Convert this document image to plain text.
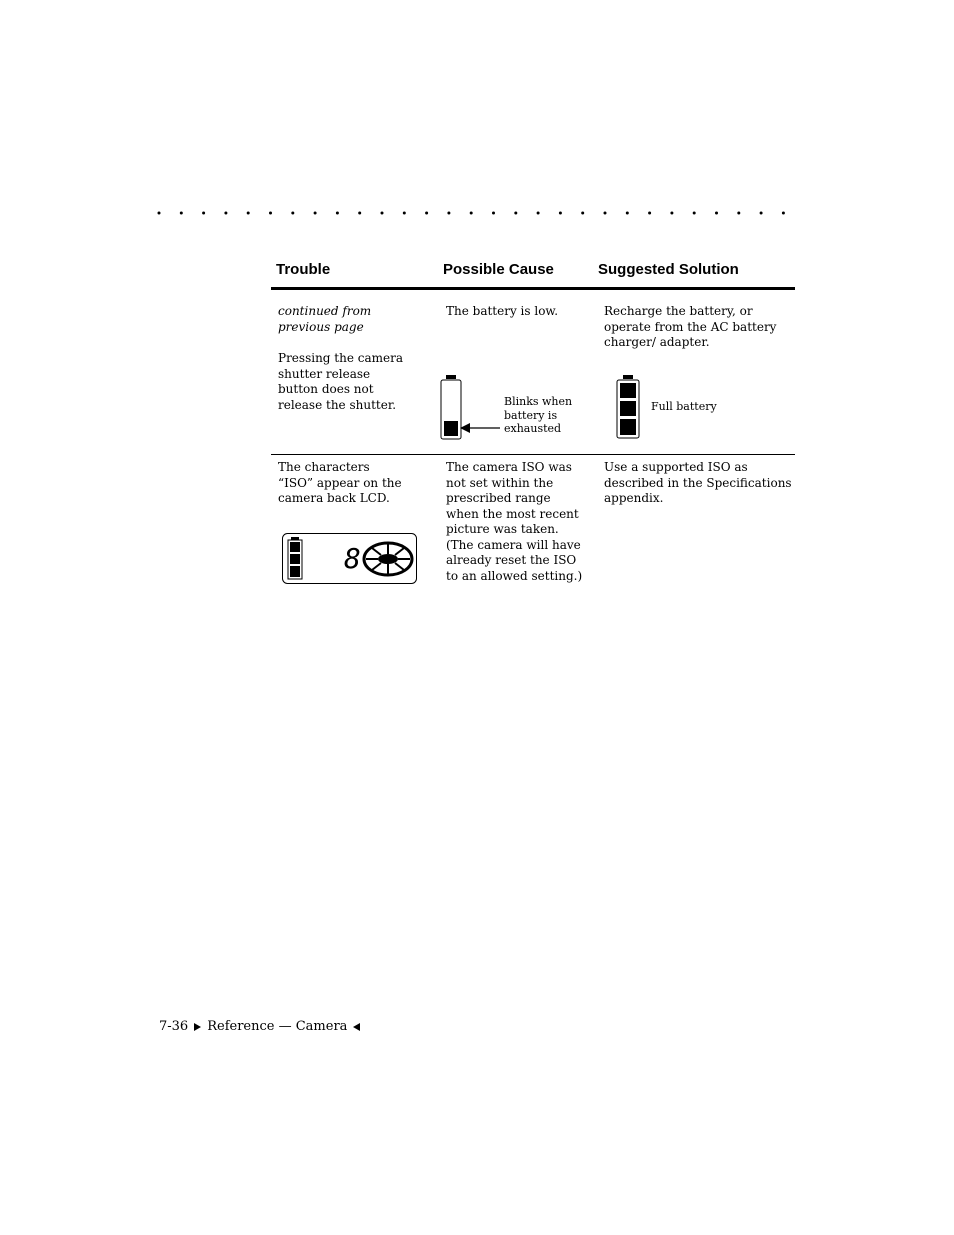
Trouble	Possible Cause	Suggested Solution
continued from previous page
Pressing the camera shutter release button does not release the shutter.
The battery is low.
Blinks when battery is exhausted
Recharge the battery, or operate from the AC battery charger/ adapter.
Full battery
The characters “ISO” appear on the camera back LCD.
8
The camera ISO was not set within the prescribed range when the most recent picture was taken. (The camera will have already reset the ISO to an allowed setting.)
Use a supported ISO as described in the Specifications appendix.
7-36 Reference — Camera
